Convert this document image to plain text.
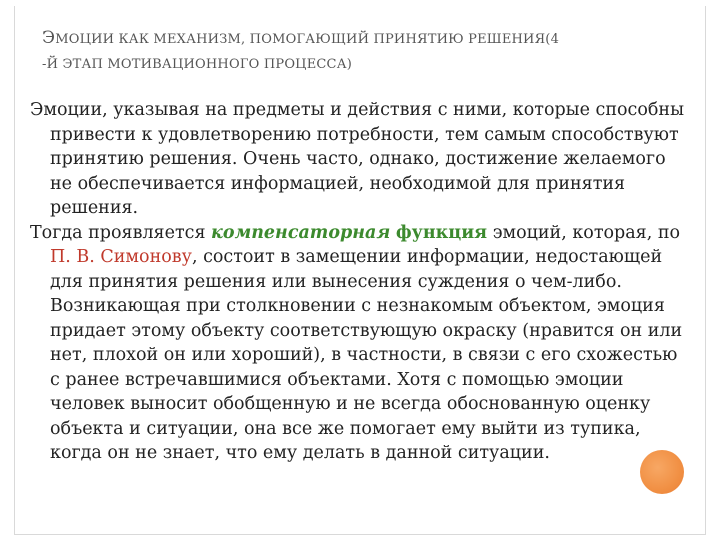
ЭМОЦИИ КАК МЕХАНИЗМ, ПОМОГАЮЩИЙ ПРИНЯТИЮ РЕШЕНИЯ(4
-Й ЭТАП МОТИВАЦИОННОГО ПРОЦЕССА)

Эмоции, указывая на предметы и действия с ними, которые способны привести к удовлетворению потребности, тем самым способствуют принятию решения. Очень часто, однако, достижение желаемого не обеспечивается информацией, необходимой для принятия решения.

Тогда проявляется компенсаторная функция эмоций, которая, по П. В. Симонову, состоит в замещении информации, недостающей для принятия решения или вынесения суждения о чем-либо. Возникающая при столкновении с незнакомым объектом, эмоция придает этому объекту соответствующую окраску (нравится он или нет, плохой он или хороший), в частности, в связи с его схожестью с ранее встречавшимися объектами. Хотя с помощью эмоции человек выносит обобщенную и не всегда обоснованную оценку объекта и ситуации, она все же помогает ему выйти из тупика, когда он не знает, что ему делать в данной ситуации.
